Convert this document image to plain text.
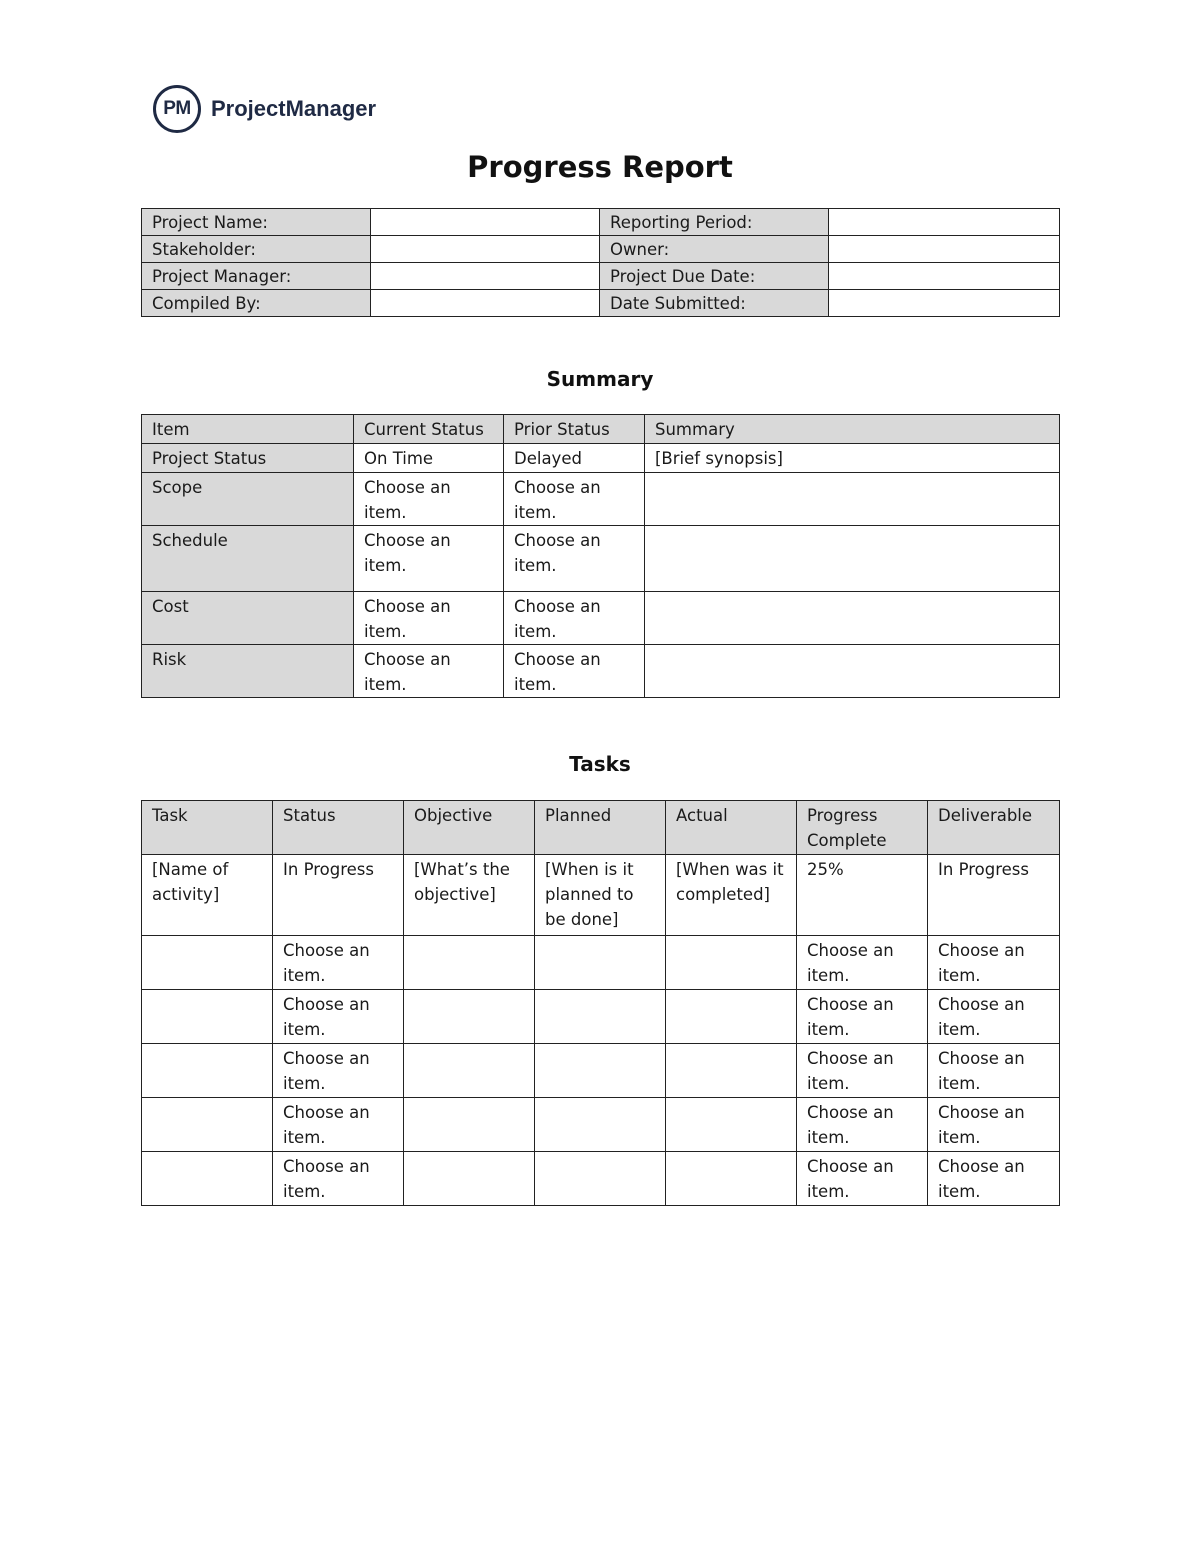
PM ProjectManager
Progress Report
Project Name:		Reporting Period:	
Stakeholder:		Owner:	
Project Manager:		Project Due Date:	
Compiled By:		Date Submitted:	
Summary
Item	Current Status	Prior Status	Summary
Project Status	On Time	Delayed	[Brief synopsis]
Scope	Choose an item.	Choose an item.	
Schedule	Choose an item.	Choose an item.	
Cost	Choose an item.	Choose an item.	
Risk	Choose an item.	Choose an item.	
Tasks
Task	Status	Objective	Planned	Actual	Progress Complete	Deliverable
[Name of activity]	In Progress	[What’s the objective]	[When is it planned to be done]	[When was it completed]	25%	In Progress
	Choose an item.				Choose an item.	Choose an item.
	Choose an item.				Choose an item.	Choose an item.
	Choose an item.				Choose an item.	Choose an item.
	Choose an item.				Choose an item.	Choose an item.
	Choose an item.				Choose an item.	Choose an item.
